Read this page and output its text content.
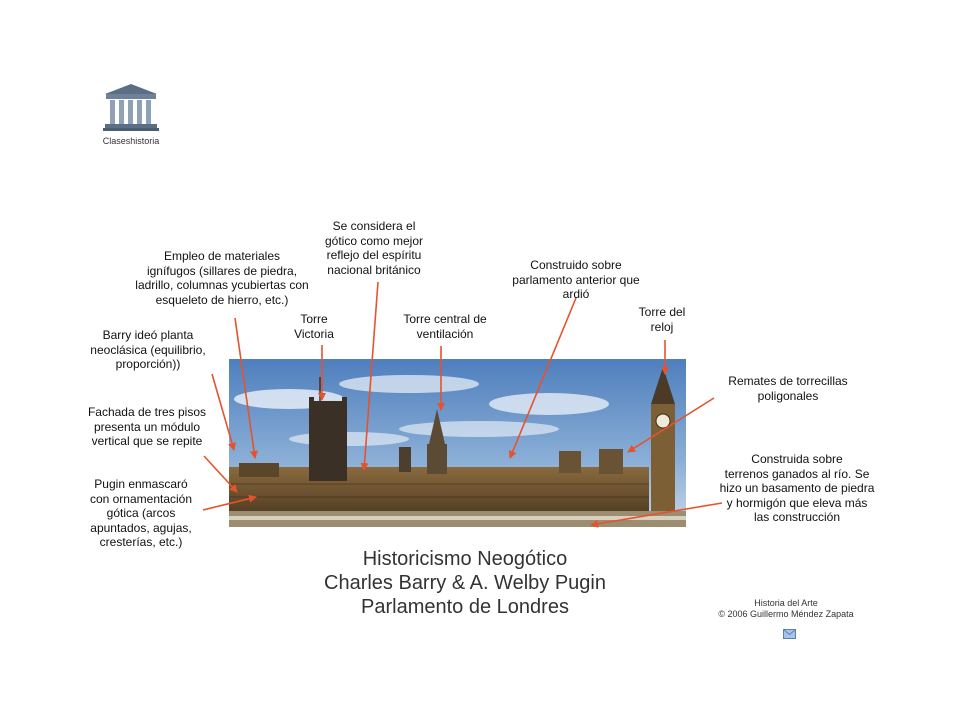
Claseshistoria
Empleo de materiales
ignífugos (sillares de piedra,
ladrillo, columnas ycubiertas con
esqueleto de hierro, etc.)
Se considera el
gótico como mejor
reflejo del espíritu
nacional británico	Construido sobre
parlamento anterior que
ardió
Torre del
reloj
Barry ideó planta
neoclásica (equilibrio,
proporción))
Torre
Victoria
Torre central de
ventilación
Remates de torrecillas
poligonales
Fachada de tres pisos
presenta un módulo
vertical que se repite
Construida sobre
terrenos ganados al río. Se
hizo un basamento de piedra
y hormigón que eleva más
las construcción
Pugin enmascaró
con ornamentación
gótica (arcos
apuntados, agujas,
cresterías, etc.)
Historicismo Neogótico
Charles Barry & A. Welby Pugin
Parlamento de Londres	Historia del Arte
© 2006 Guillermo Méndez Zapata
